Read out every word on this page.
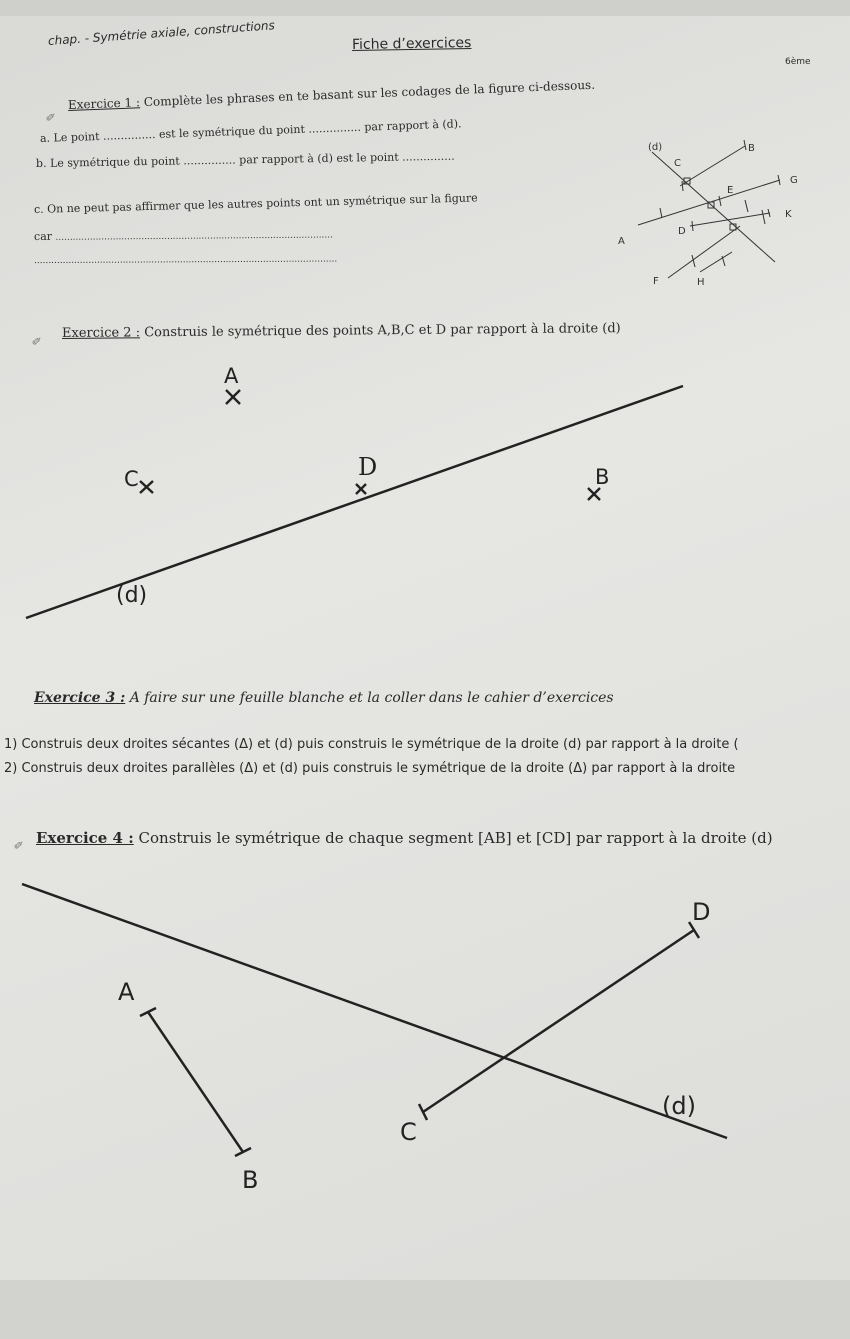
chap. - Symétrie axiale, constructions	Fiche d’exercices
6ème
✏
Exercice 1 : Complète les phrases en te basant sur les codages de la figure ci-dessous.
a. Le point ............... est le symétrique du point ............... par rapport à (d).
b. Le symétrique du point ............... par rapport à (d) est le point ...............
c. On ne peut pas affirmer que les autres points ont un symétrique sur la figure
car .................................................................................................
..........................................................................................................
✏ Exercice 2 : Construis le symétrique des points A,B,C et D par rapport à la droite (d)
Exercice 3 : A faire sur une feuille blanche et la coller dans le cahier d’exercices
1) Construis deux droites sécantes (Δ) et (d) puis construis le symétrique de la droite (d) par rapport à la droite (
2) Construis deux droites parallèles (Δ) et (d) puis construis le symétrique de la droite (Δ) par rapport à la droite
✏ Exercice 4 : Construis le symétrique de chaque segment [AB] et [CD] par rapport à la droite (d)
(d)
A
B
C
D
E
F
G
H
K
A
B
C	D
(d)
A
B
C
D
(d)
